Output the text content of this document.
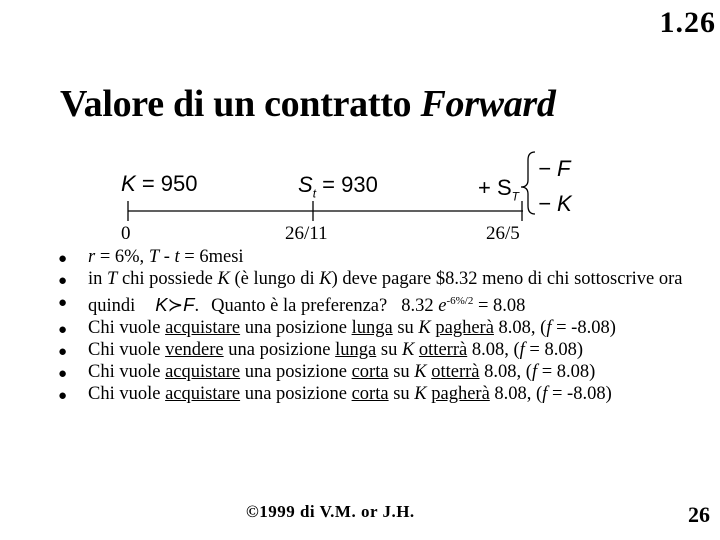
1.26
Valore di un contratto Forward
K = 950	$S_t = 930$	+ $S_T$
− F
− K
0	26/11	26/5
● r = 6%, T - t = 6mesi
● in T chi possiede K (è lungo di K) deve pagare $8.32 meno di chi sottoscrive ora
● quindi K≻F. Quanto è la preferenza? 8.32 $e^{-6\%/2} = 8.08$
● Chi vuole acquistare una posizione lunga su K pagherà 8.08, (f = -8.08)
● Chi vuole vendere una posizione lunga su K otterrà 8.08, (f = 8.08)
● Chi vuole acquistare una posizione corta su K otterrà 8.08, (f = 8.08)
● Chi vuole acquistare una posizione corta su K pagherà 8.08, (f = -8.08)
©1999 di V.M. or J.H.	26
